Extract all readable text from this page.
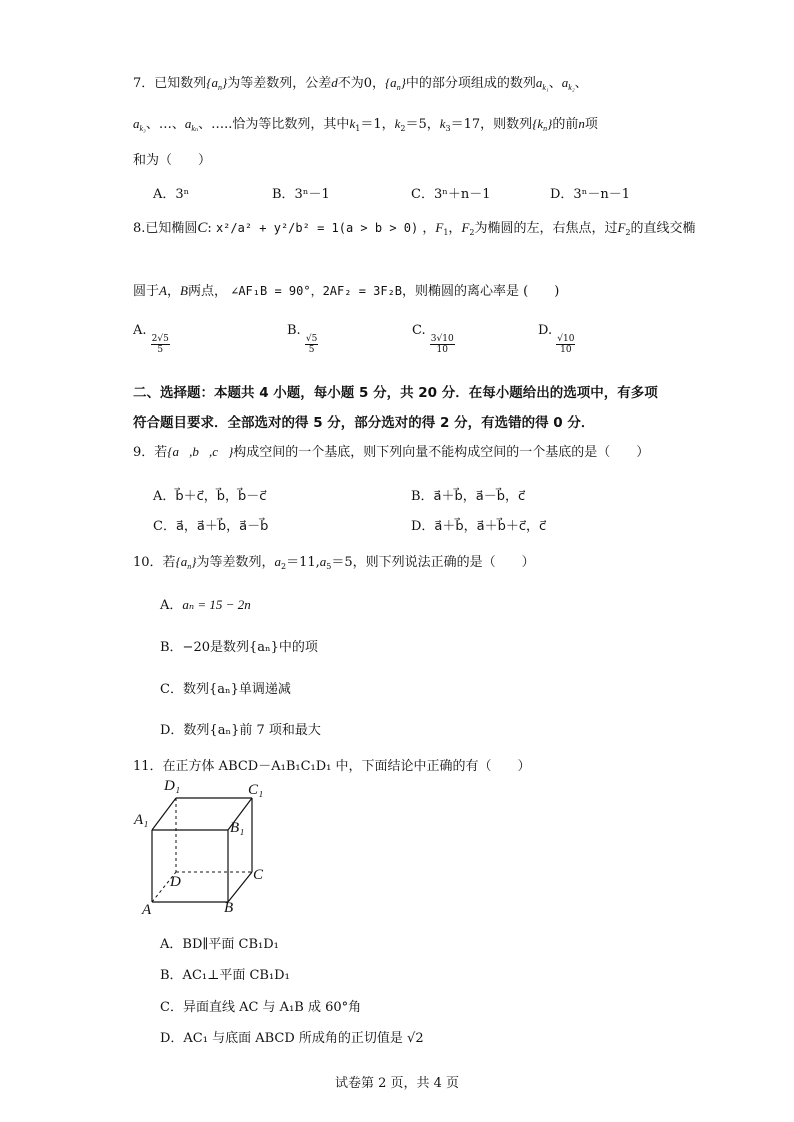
7．已知数列$\{a_n\}$为等差数列，公差d不为0，$\{a_n\}$中的部分项组成的数列$a_{k_1}$、$a_{k_2}$、
$a_{k_3}$、…、$a_{k_n}$、…..恰为等比数列，其中$k_1=1$，$k_2=5$，$k_3=17$，则数列$\{k_n\}$的前n项
和为（　　）
A．3ⁿ	B．3ⁿ－1	C．3ⁿ＋n－1	D．3ⁿ－n－1
8.已知椭圆C: x²/a² + y²/b² = 1(a > b > 0) ，$F_1$，$F_2$为椭圆的左，右焦点，过$F_2$的直线交椭
圆于A，B两点， ∠AF₁B = 90°，2AF₂ = 3F₂B，则椭圆的离心率是 (　　)
A.
$\frac{2√5}{5}$
B.
$\frac{√5}{5}$
C.
$\frac{3√10}{10}$
D.
$\frac{√10}{10}$
二、选择题：本题共 4 小题，每小题 5 分，共 20 分．在每小题给出的选项中，有多项
符合题目要求．全部选对的得 5 分，部分选对的得 2 分，有选错的得 0 分．
9．若{a⃗,b⃗,c⃗}构成空间的一个基底，则下列向量不能构成空间的一个基底的是（　　）
A．b⃗＋c⃗，b⃗，b⃗－c⃗	B．a⃗＋b⃗，a⃗－b⃗，c⃗
C．a⃗，a⃗＋b⃗，a⃗－b⃗	D．a⃗＋b⃗，a⃗＋b⃗＋c⃗，c⃗
10．若$\{a_n\}$为等差数列，$a_2=11,a_5=5$，则下列说法正确的是（　　）
A．aₙ = 15 − 2n
B．−20是数列{aₙ}中的项
C．数列{aₙ}单调递减
D．数列{aₙ}前 7 项和最大
11．在正方体 ABCD－A₁B₁C₁D₁ 中，下面结论中正确的有（　　）
D₁	C₁
A₁	B₁
D	C
A	B
A．BD∥平面 CB₁D₁
B．AC₁⊥平面 CB₁D₁
C．异面直线 AC 与 A₁B 成 60°角
D．AC₁ 与底面 ABCD 所成角的正切值是 √2
试卷第 2 页，共 4 页
